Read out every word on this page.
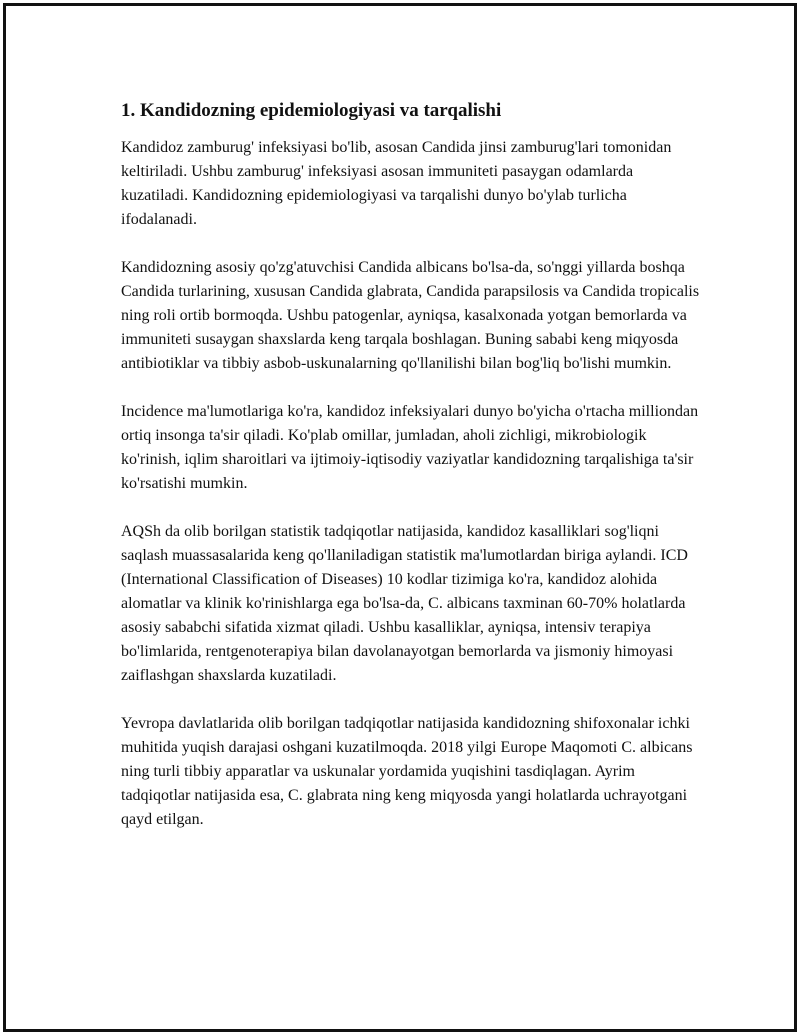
1. Kandidozning epidemiologiyasi va tarqalishi

Kandidoz zamburug' infeksiyasi bo'lib, asosan Candida jinsi zamburug'lari tomonidan keltiriladi. Ushbu zamburug' infeksiyasi asosan immuniteti pasaygan odamlarda kuzatiladi. Kandidozning epidemiologiyasi va tarqalishi dunyo bo'ylab turlicha ifodalanadi.

Kandidozning asosiy qo'zg'atuvchisi Candida albicans bo'lsa-da, so'nggi yillarda boshqa Candida turlarining, xususan Candida glabrata, Candida parapsilosis va Candida tropicalis ning roli ortib bormoqda. Ushbu patogenlar, ayniqsa, kasalxonada yotgan bemorlarda va immuniteti susaygan shaxslarda keng tarqala boshlagan. Buning sababi keng miqyosda antibiotiklar va tibbiy asbob-uskunalarning qo'llanilishi bilan bog'liq bo'lishi mumkin.

Incidence ma'lumotlariga ko'ra, kandidoz infeksiyalari dunyo bo'yicha o'rtacha milliondan ortiq insonga ta'sir qiladi. Ko'plab omillar, jumladan, aholi zichligi, mikrobiologik ko'rinish, iqlim sharoitlari va ijtimoiy-iqtisodiy vaziyatlar kandidozning tarqalishiga ta'sir ko'rsatishi mumkin.

AQSh da olib borilgan statistik tadqiqotlar natijasida, kandidoz kasalliklari sog'liqni saqlash muassasalarida keng qo'llaniladigan statistik ma'lumotlardan biriga aylandi. ICD (International Classification of Diseases) 10 kodlar tizimiga ko'ra, kandidoz alohida alomatlar va klinik ko'rinishlarga ega bo'lsa-da, C. albicans taxminan 60-70% holatlarda asosiy sababchi sifatida xizmat qiladi. Ushbu kasalliklar, ayniqsa, intensiv terapiya bo'limlarida, rentgenoterapiya bilan davolanayotgan bemorlarda va jismoniy himoyasi zaiflashgan shaxslarda kuzatiladi.

Yevropa davlatlarida olib borilgan tadqiqotlar natijasida kandidozning shifoxonalar ichki muhitida yuqish darajasi oshgani kuzatilmoqda. 2018 yilgi Europe Maqomoti C. albicans ning turli tibbiy apparatlar va uskunalar yordamida yuqishini tasdiqlagan. Ayrim tadqiqotlar natijasida esa, C. glabrata ning keng miqyosda yangi holatlarda uchrayotgani qayd etilgan.
